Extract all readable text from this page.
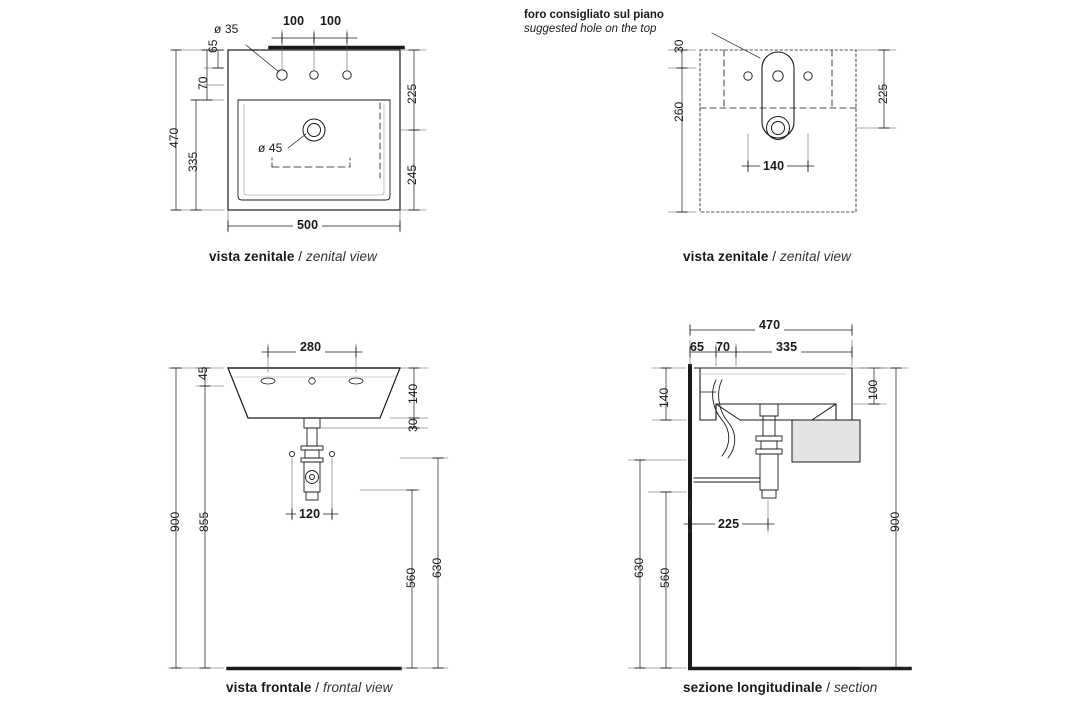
ø 35
100 100
65
70
335
470
225
245
500
ø 45
vista zenitale / zenital view
foro consigliato sul piano
suggested hole on the top
30
260
225
140
vista zenitale / zenital view
280
45
140
30
900 855	120
630
560
vista frontale / frontal view
470
65 70	335
140	100
225
630 560
900
sezione longitudinale / section
